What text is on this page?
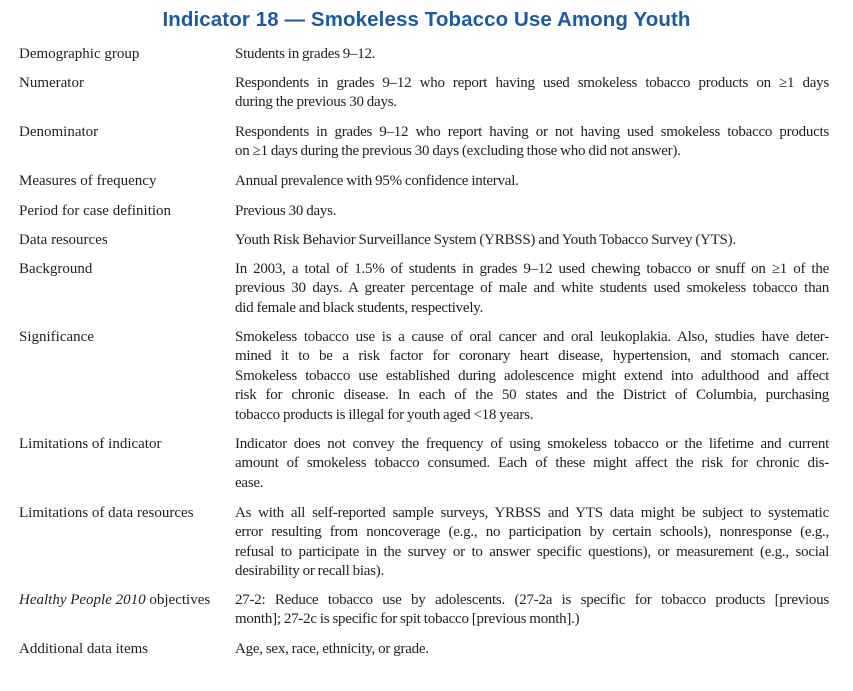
Indicator 18 — Smokeless Tobacco Use Among Youth
Demographic group	Students in grades 9–12.
Numerator	Respondents in grades 9–12 who report having used smokeless tobacco products on ≥1 days
during the previous 30 days.
Denominator	Respondents in grades 9–12 who report having or not having used smokeless tobacco products
on ≥1 days during the previous 30 days (excluding those who did not answer).
Measures of frequency	Annual prevalence with 95% confidence interval.
Period for case definition	Previous 30 days.
Data resources	Youth Risk Behavior Surveillance System (YRBSS) and Youth Tobacco Survey (YTS).
Background	In 2003, a total of 1.5% of students in grades 9–12 used chewing tobacco or snuff on ≥1 of the
previous 30 days. A greater percentage of male and white students used smokeless tobacco than
did female and black students, respectively.
Significance	Smokeless tobacco use is a cause of oral cancer and oral leukoplakia. Also, studies have deter-
mined it to be a risk factor for coronary heart disease, hypertension, and stomach cancer.
Smokeless tobacco use established during adolescence might extend into adulthood and affect
risk for chronic disease. In each of the 50 states and the District of Columbia, purchasing
tobacco products is illegal for youth aged <18 years.
Limitations of indicator	Indicator does not convey the frequency of using smokeless tobacco or the lifetime and current
amount of smokeless tobacco consumed. Each of these might affect the risk for chronic dis-
ease.
Limitations of data resources	As with all self-reported sample surveys, YRBSS and YTS data might be subject to systematic
error resulting from noncoverage (e.g., no participation by certain schools), nonresponse (e.g.,
refusal to participate in the survey or to answer specific questions), or measurement (e.g., social
desirability or recall bias).
Healthy People 2010 objectives	27-2: Reduce tobacco use by adolescents. (27-2a is specific for tobacco products [previous
month]; 27-2c is specific for spit tobacco [previous month].)
Additional data items	Age, sex, race, ethnicity, or grade.
